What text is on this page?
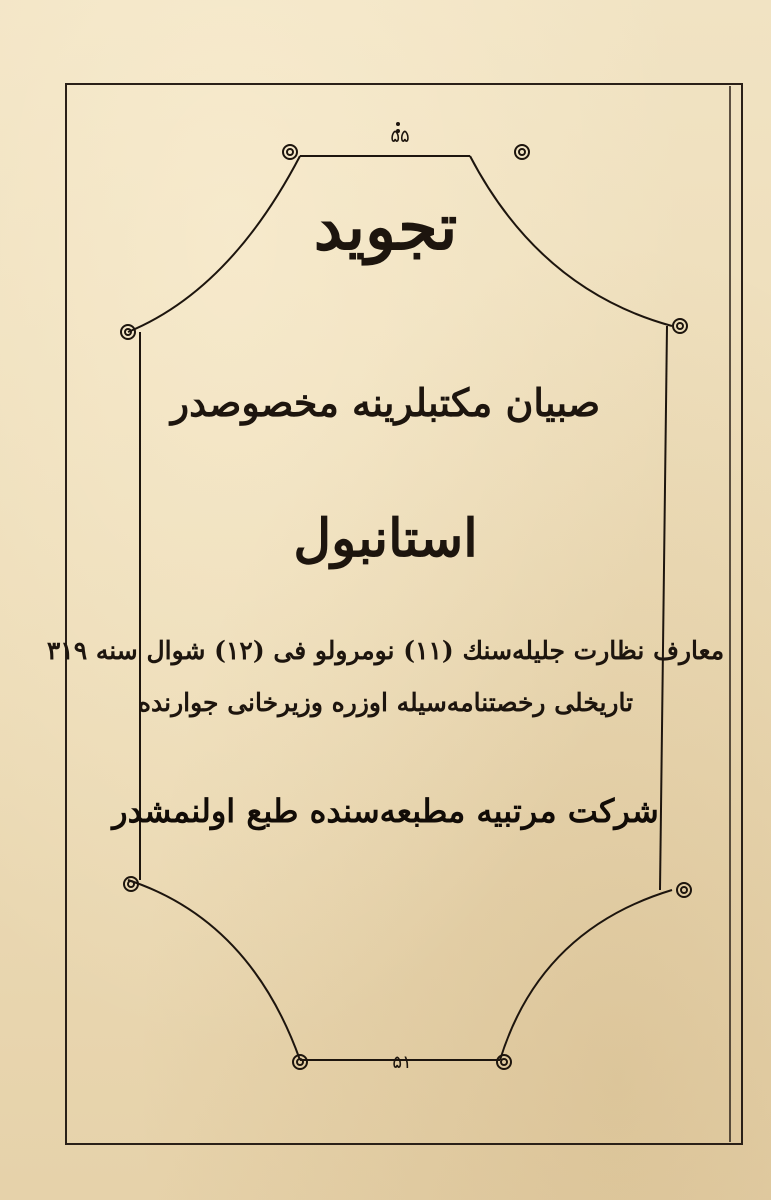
۵۵
تجوید
صبیان مکتبلرینه مخصوصدر
استانبول
معارف نظارت جلیله‌سنك (۱۱) نومرولو فی (۱۲) شوال سنه ۳۱۹
تاریخلی رخصتنامه‌سیله اوزره وزیرخانی جوارنده
شرکت مرتبیه مطبعه‌سنده طبع اولنمشدر
۵۱
